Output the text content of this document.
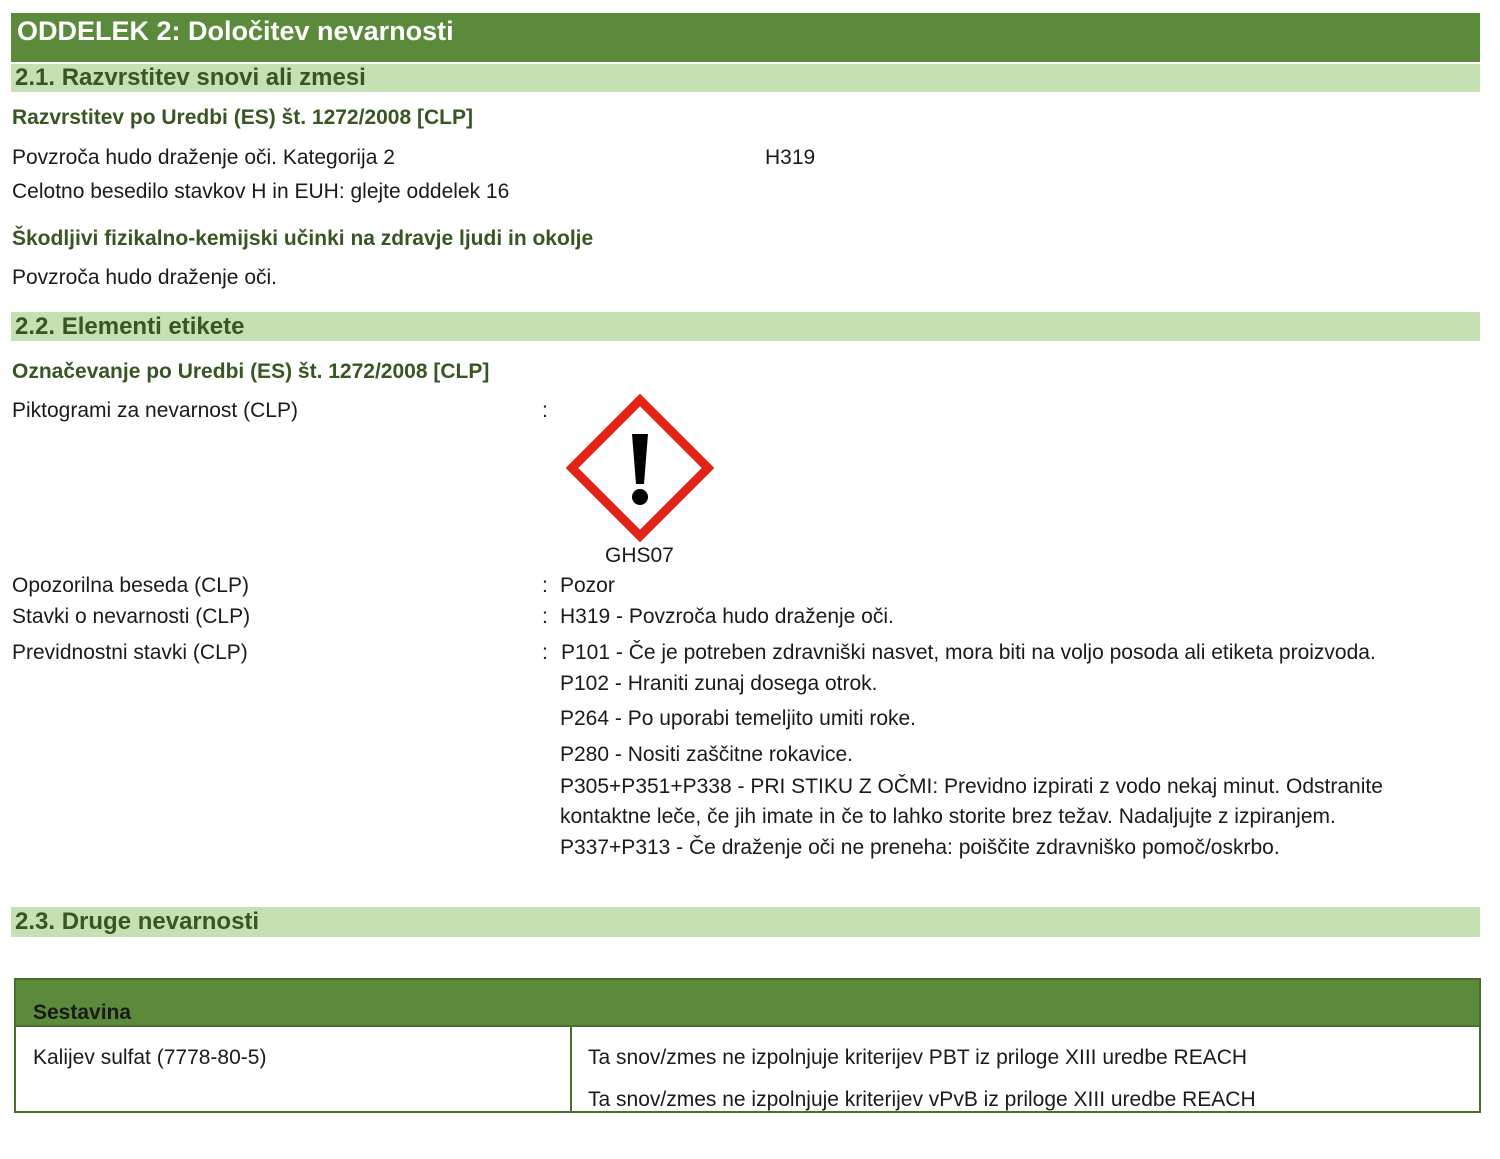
ODDELEK 2: Določitev nevarnosti
2.1. Razvrstitev snovi ali zmesi
Razvrstitev po Uredbi (ES) št. 1272/2008 [CLP]
Povzroča hudo draženje oči. Kategorija 2	H319
Celotno besedilo stavkov H in EUH: glejte oddelek 16
Škodljivi fizikalno-kemijski učinki na zdravje ljudi in okolje
Povzroča hudo draženje oči.
2.2. Elementi etikete
Označevanje po Uredbi (ES) št. 1272/2008 [CLP]
Piktogrami za nevarnost (CLP)	:
GHS07
Opozorilna beseda (CLP)	: Pozor
Stavki o nevarnosti (CLP)	: H319 - Povzroča hudo draženje oči.
Previdnostni stavki (CLP)	: P101 - Če je potreben zdravniški nasvet, mora biti na voljo posoda ali etiketa proizvoda.
P102 - Hraniti zunaj dosega otrok.
P264 - Po uporabi temeljito umiti roke.
P280 - Nositi zaščitne rokavice.
P305+P351+P338 - PRI STIKU Z OČMI: Previdno izpirati z vodo nekaj minut. Odstranite
kontaktne leče, če jih imate in če to lahko storite brez težav. Nadaljujte z izpiranjem.
P337+P313 - Če draženje oči ne preneha: poiščite zdravniško pomoč/oskrbo.
2.3. Druge nevarnosti
Sestavina
Kalijev sulfat (7778-80-5)	Ta snov/zmes ne izpolnjuje kriterijev PBT iz priloge XIII uredbe REACH
Ta snov/zmes ne izpolnjuje kriterijev vPvB iz priloge XIII uredbe REACH
